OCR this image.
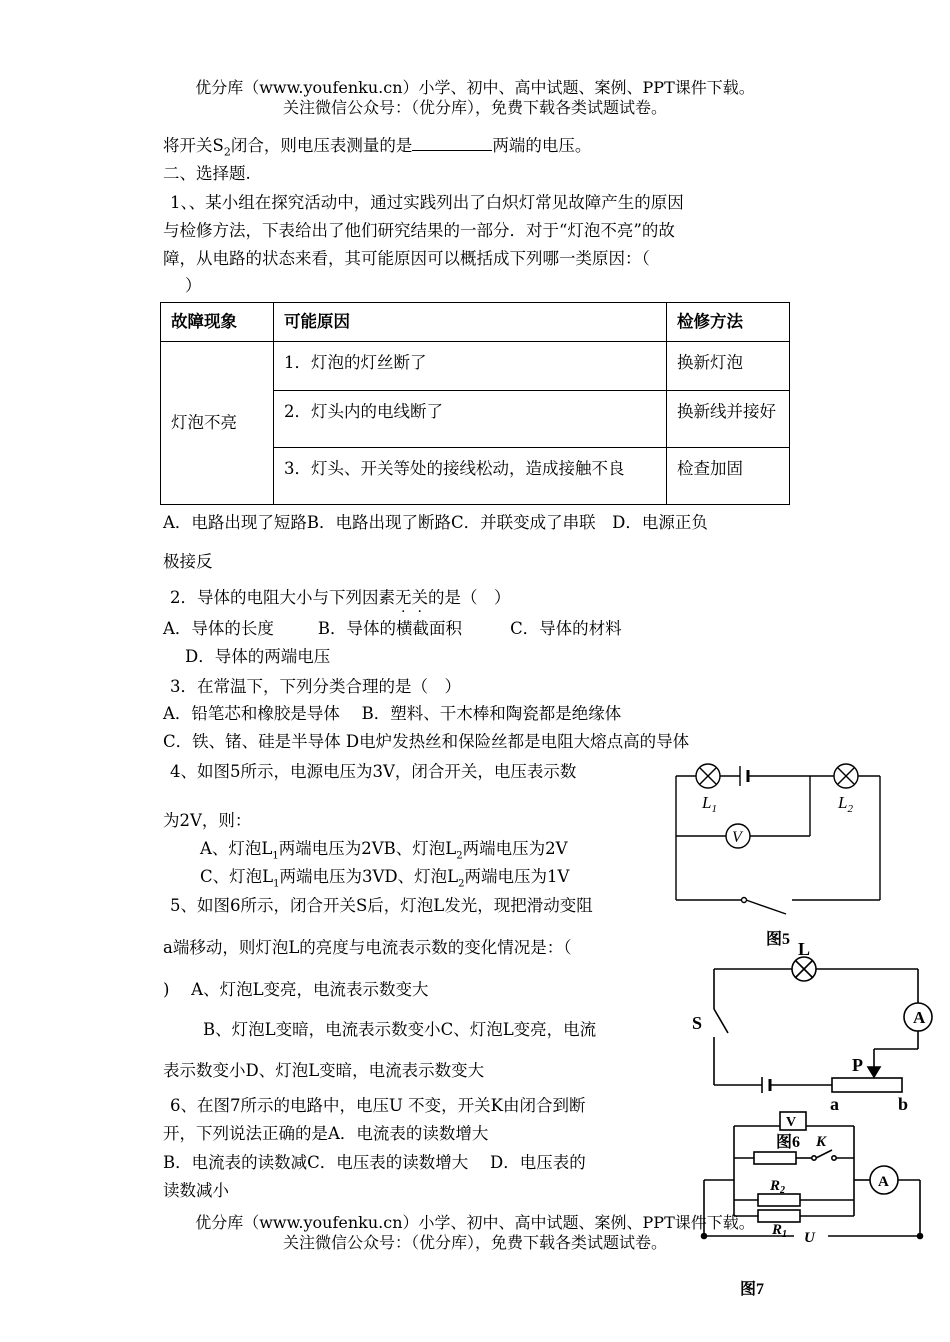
优分库（www.youfenku.cn）小学、初中、高中试题、案例、PPT课件下载。
关注微信公众号：（优分库），免费下载各类试题试卷。
将开关$S_2$闭合，则电压表测量的是	两端的电压。
二、选择题.
1、、某小组在探究活动中，通过实践列出了白炽灯常见故障产生的原因
与检修方法，下表给出了他们研究结果的一部分．对于“灯泡不亮”的故
障，从电路的状态来看，其可能原因可以概括成下列哪一类原因：（
）
故障现象	可能原因	检修方法
灯泡不亮	1．灯泡的灯丝断了	换新灯泡
	2．灯头内的电线断了	换新线并接好
	3．灯头、开关等处的接线松动，造成接触不良	检查加固
A．电路出现了短路B．电路出现了断路C．并联变成了串联　D．电源正负
极接反
2．导体的电阻大小与下列因素无关的是（　）
A．导体的长度	B．导体的横截面积	C．导体的材料
D．导体的两端电压
3．在常温下，下列分类合理的是（　）
A．铅笔芯和橡胶是导体　 B．塑料、干木棒和陶瓷都是绝缘体
C．铁、锗、硅是半导体 D电炉发热丝和保险丝都是电阻大熔点高的导体
4、如图5所示，电源电压为3V，闭合开关，电压表示数
为2V，则：
A、灯泡$L_1$两端电压为2VB、灯泡$L_2$两端电压为2V
C、灯泡$L_1$两端电压为3VD、灯泡$L_2$两端电压为1V
5、如图6所示，闭合开关S后，灯泡L发光，现把滑动变阻
a端移动，则灯泡L的亮度与电流表示数的变化情况是：（
)　 A、灯泡L变亮，电流表示数变大
B、灯泡L变暗，电流表示数变小C、灯泡L变亮，电流
表示数变小D、灯泡L变暗，电流表示数变大
6、在图7所示的电路中，电压U 不变，开关K由闭合到断
开，下列说法正确的是A．电流表的读数增大
B．电流表的读数减C．电压表的读数增大　 D．电压表的
读数减小
优分库（www.youfenku.cn）小学、初中、高中试题、案例、PPT课件下载。
关注微信公众号：（优分库），免费下载各类试题试卷。
V
$L_1$	$L_2$
图5
A
L
S
P
a	b
图6
V
A
K
$R_2$
$R_1$ U
图7
